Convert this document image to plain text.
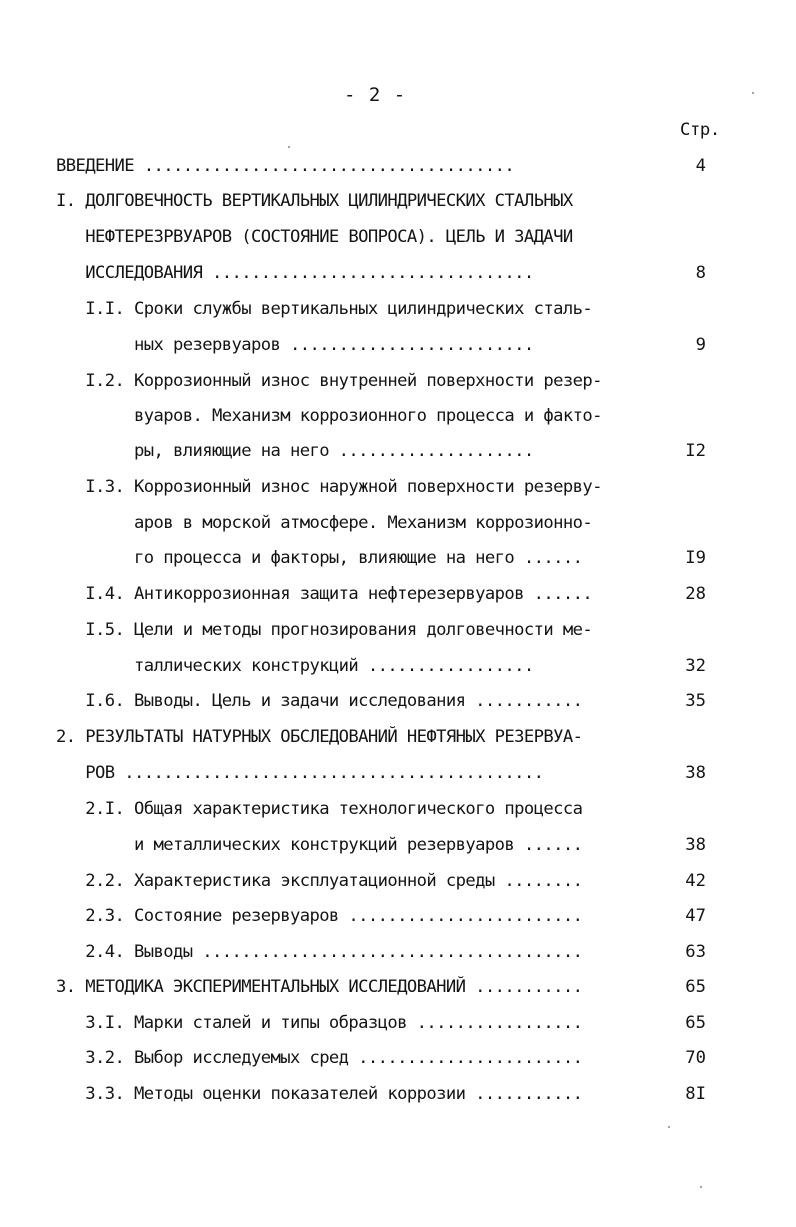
- 2 -
Стр.
ВВЕДЕНИЕ ......................................	4
I. ДОЛГОВЕЧНОСТЬ ВЕРТИКАЛЬНЫХ ЦИЛИНДРИЧЕСКИХ СТАЛЬНЫХ
НЕФТЕРЕЗРВУАРОВ (СОСТОЯНИЕ ВОПРОСА). ЦЕЛЬ И ЗАДАЧИ
ИССЛЕДОВАНИЯ .................................	8
I.I. Сроки службы вертикальных цилиндрических сталь-
ных резервуаров .........................	9
I.2. Коррозионный износ внутренней поверхности резер-
вуаров. Механизм коррозионного процесса и факто-
ры, влияющие на него ....................	I2
I.3. Коррозионный износ наружной поверхности резерву-
аров в морской атмосфере. Механизм коррозионно-
го процесса и факторы, влияющие на него ......	I9
I.4. Антикоррозионная защита нефтерезервуаров ......	28
I.5. Цели и методы прогнозирования долговечности ме-
таллических конструкций .................	32
I.6. Выводы. Цель и задачи исследования ...........	35
2. РЕЗУЛЬТАТЫ НАТУРНЫХ ОБСЛЕДОВАНИЙ НЕФТЯНЫХ РЕЗЕРВУА-
РОВ ...........................................	38
2.I. Общая характеристика технологического процесса
и металлических конструкций резервуаров ......	38
2.2. Характеристика эксплуатационной среды ........	42
2.3. Состояние резервуаров ........................	47
2.4. Выводы .......................................	63
3. МЕТОДИКА ЭКСПЕРИМЕНТАЛЬНЫХ ИССЛЕДОВАНИЙ ...........	65
3.I. Марки сталей и типы образцов .................	65
3.2. Выбор исследуемых сред .......................	70
3.3. Методы оценки показателей коррозии ...........	8I
